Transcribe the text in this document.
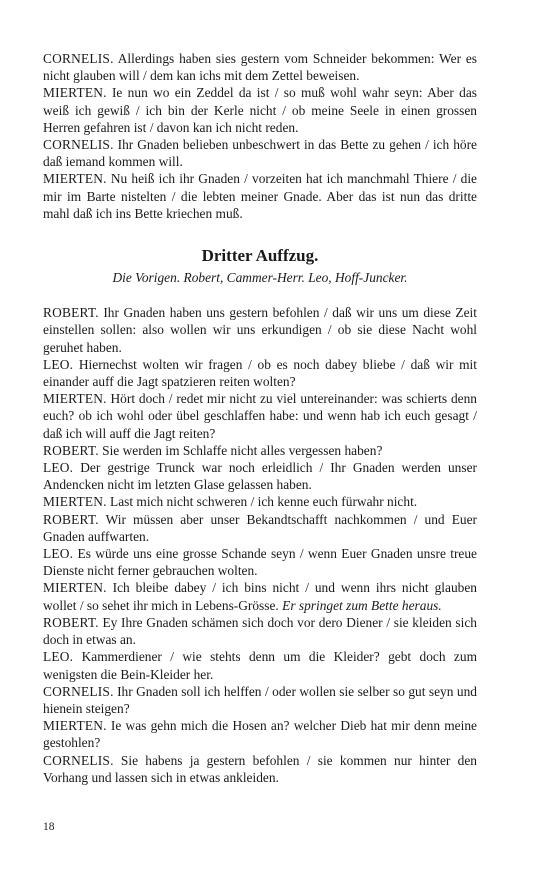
CORNELIS. Allerdings haben sies gestern vom Schneider bekommen: Wer es nicht glauben will / dem kan ichs mit dem Zettel beweisen.

MIERTEN. Ie nun wo ein Zeddel da ist / so muß wohl wahr seyn: Aber das weiß ich gewiß / ich bin der Kerle nicht / ob meine Seele in einen grossen Herren gefahren ist / davon kan ich nicht reden.

CORNELIS. Ihr Gnaden belieben unbeschwert in das Bette zu gehen / ich höre daß iemand kommen will.

MIERTEN. Nu heiß ich ihr Gnaden / vorzeiten hat ich manchmahl Thiere / die mir im Barte nistelten / die lebten meiner Gnade. Aber das ist nun das dritte mahl daß ich ins Bette kriechen muß.

Dritter Auffzug.
Die Vorigen. Robert, Cammer-Herr. Leo, Hoff-Juncker.

ROBERT. Ihr Gnaden haben uns gestern befohlen / daß wir uns um diese Zeit einstellen sollen: also wollen wir uns erkundigen / ob sie diese Nacht wohl geruhet haben.

LEO. Hiernechst wolten wir fragen / ob es noch dabey bliebe / daß wir mit einander auff die Jagt spatzieren reiten wolten?

MIERTEN. Hört doch / redet mir nicht zu viel untereinander: was schierts denn euch? ob ich wohl oder übel geschlaffen habe: und wenn hab ich euch gesagt / daß ich will auff die Jagt reiten?

ROBERT. Sie werden im Schlaffe nicht alles vergessen haben?

LEO. Der gestrige Trunck war noch erleidlich / Ihr Gnaden werden unser Andencken nicht im letzten Glase gelassen haben.

MIERTEN. Last mich nicht schweren / ich kenne euch fürwahr nicht.

ROBERT. Wir müssen aber unser Bekandtschafft nachkommen / und Euer Gnaden auffwarten.

LEO. Es würde uns eine grosse Schande seyn / wenn Euer Gnaden unsre treue Dienste nicht ferner gebrauchen wolten.

MIERTEN. Ich bleibe dabey / ich bins nicht / und wenn ihrs nicht glauben wollet / so sehet ihr mich in Lebens-Grösse. Er springet zum Bette heraus.

ROBERT. Ey Ihre Gnaden schämen sich doch vor dero Diener / sie kleiden sich doch in etwas an.

LEO. Kammerdiener / wie stehts denn um die Kleider? gebt doch zum wenigsten die Bein-Kleider her.

CORNELIS. Ihr Gnaden soll ich helffen / oder wollen sie selber so gut seyn und hienein steigen?

MIERTEN. Ie was gehn mich die Hosen an? welcher Dieb hat mir denn meine gestohlen?

CORNELIS. Sie habens ja gestern befohlen / sie kommen nur hinter den Vorhang und lassen sich in etwas ankleiden.

18
